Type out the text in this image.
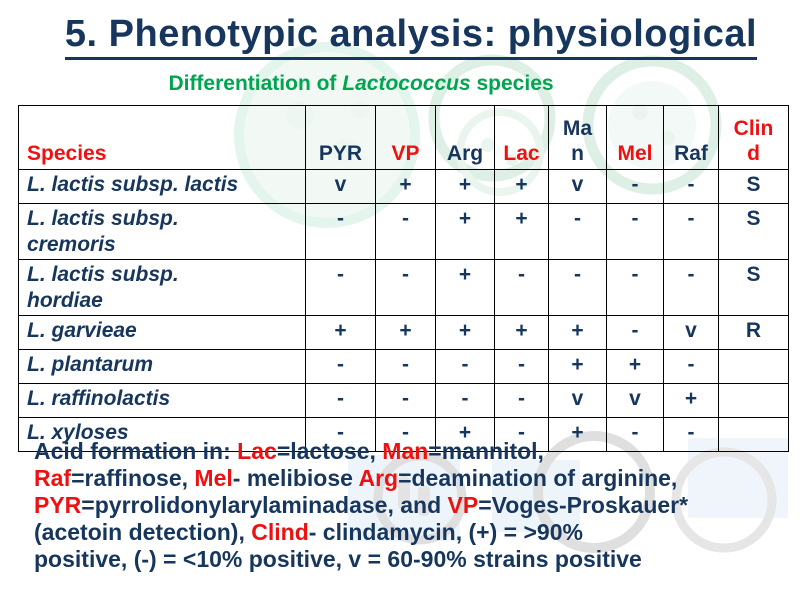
5. Phenotypic analysis: physiological
Differentiation of Lactococcus species
Species	PYR	VP	Arg	Lac	Man	Mel	Raf	Clind
L. lactis subsp. lactis	v	+	+	+	v	-	-	S
L. lactis subsp. cremoris	-	-	+	+	-	-	-	S
L. lactis subsp. hordiae	-	-	+	-	-	-	-	S
L. garvieae	+	+	+	+	+	-	v	R
L. plantarum	-	-	-	-	+	+	-	
L. raffinolactis	-	-	-	-	v	v	+	
L. xyloses	-	-	+	-	+	-	-	
Acid formation in: Lac=lactose, Man=mannitol,
Raf=raffinose, Mel- melibiose Arg=deamination of arginine,
PYR=pyrrolidonylarylaminadase, and VP=Voges-Proskauer*
(acetoin detection), Clind- clindamycin, (+) = >90%
positive, (-) = <10% positive, v = 60-90% strains positive
